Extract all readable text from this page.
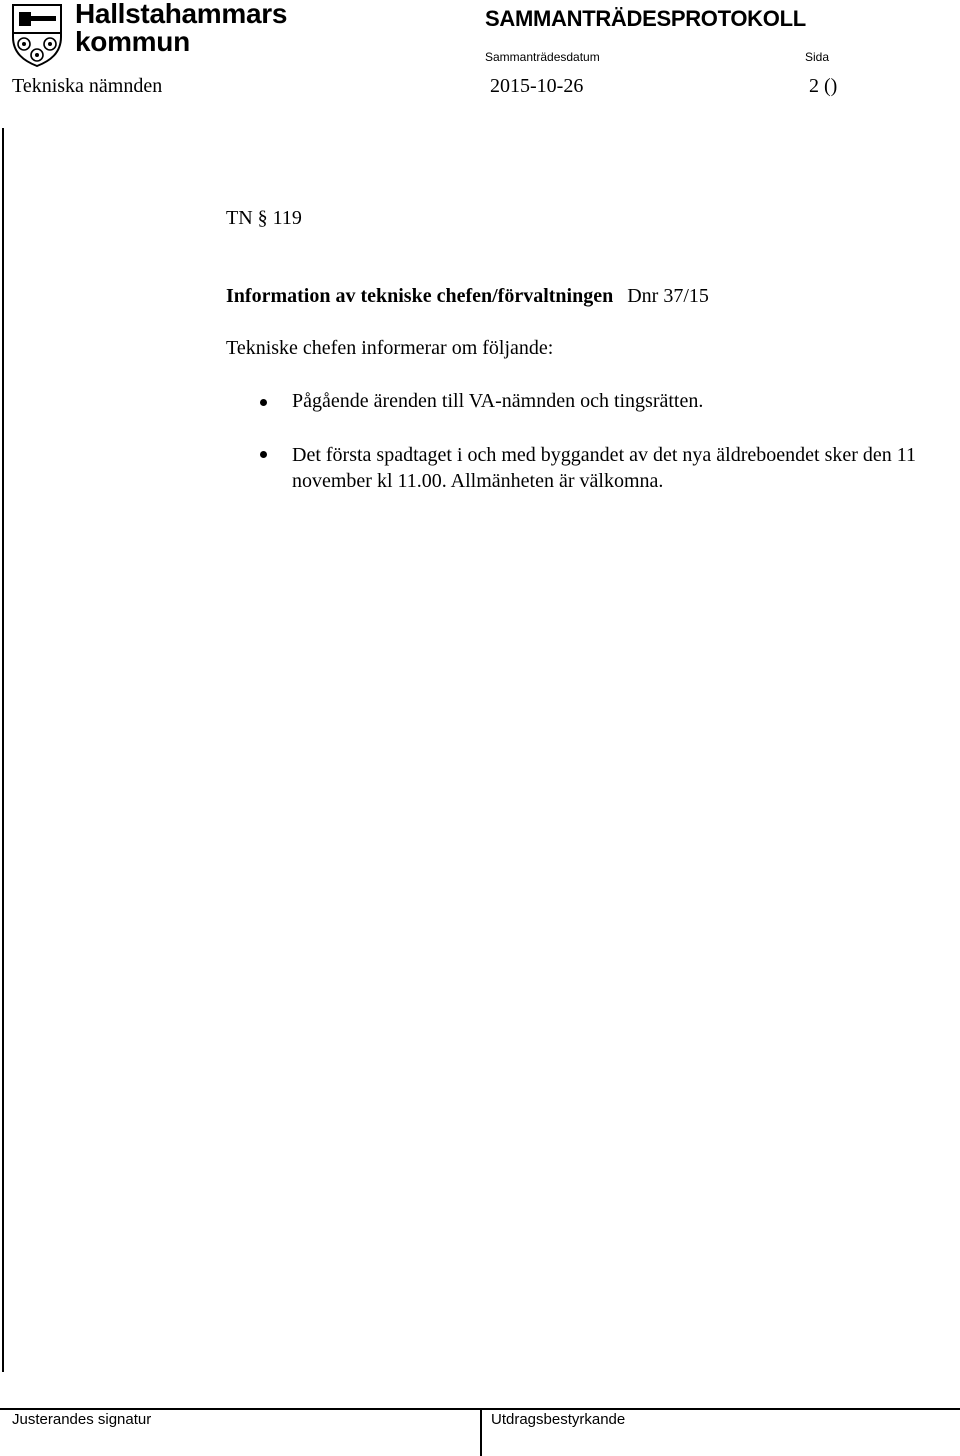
Hallstahammars
kommun
SAMMANTRÄDESPROTOKOLL
Sammanträdesdatum	Sida
Tekniska nämnden	2015-10-26	2 ()
TN § 119
Information av tekniske chefen/förvaltningen Dnr 37/15
Tekniske chefen informerar om följande:
Pågående ärenden till VA-nämnden och tingsrätten.
Det första spadtaget i och med byggandet av det nya äldreboendet sker den 11 november kl 11.00. Allmänheten är välkomna.
Justerandes signatur	Utdragsbestyrkande
